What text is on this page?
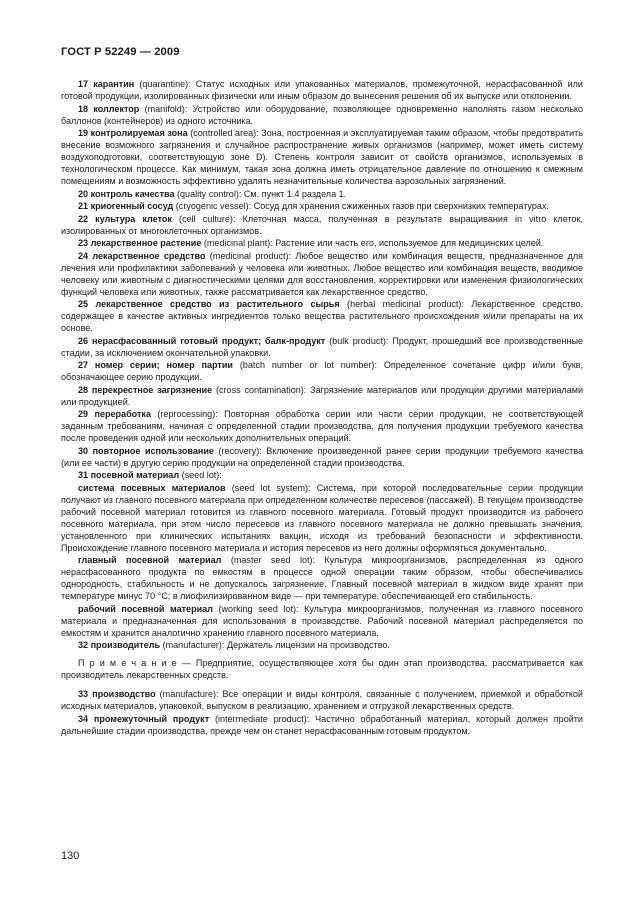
ГОСТ Р 52249 — 2009

17 карантин (quarantine): Статус исходных или упакованных материалов, промежуточной, нерасфасованной или готовой продукции, изолированных физически или иным образом до вынесения решения об их выпуске или отклонении.

18 коллектор (manifold): Устройство или оборудование, позволяющее одновременно наполнять газом несколько баллонов (контейнеров) из одного источника.

19 контролируемая зона (controlled area): Зона, построенная и эксплуатируемая таким образом, чтобы предотвратить внесение возможного загрязнения и случайное распространение живых организмов (например, может иметь систему воздухоподготовки, соответствующую зоне D). Степень контроля зависит от свойств организмов, используемых в технологическом процессе. Как минимум, такая зона должна иметь отрицательное давление по отношению к смежным помещениям и возможность эффективно удалять незначительные количества аэрозольных загрязнений.

20 контроль качества (quality control): См. пункт 1.4 раздела 1.

21 криогенный сосуд (cryogenic vessel): Сосуд для хранения сжиженных газов при сверхнизких температурах.

22 культура клеток (cell culture): Клеточная масса, полученная в результате выращивания in vitro клеток, изолированных от многоклеточных организмов.

23 лекарственное растение (medicinal plant): Растение или часть его, используемое для медицинских целей.

24 лекарственное средство (medicinal product): Любое вещество или комбинация веществ, предназначенное для лечения или профилактики заболеваний у человека или животных. Любое вещество или комбинация веществ, вводимое человеку или животным с диагностическими целями для восстановления, корректировки или изменения физиологических функций человека или животных, также рассматривается как лекарственное средство.

25 лекарственное средство из растительного сырья (herbal medicinal product): Лекарственное средство, содержащее в качестве активных ингредиентов только вещества растительного происхождения и/или препараты на их основе.

26 нерасфасованный готовый продукт; балк-продукт (bulk product): Продукт, прошедший все производственные стадии, за исключением окончательной упаковки.

27 номер серии; номер партии (batch number or lot number): Определенное сочетание цифр и/или букв, обозначающее серию продукции.

28 перекрестное загрязнение (cross contamination): Загрязнение материалов или продукции другими материалами или продукцией.

29 переработка (reprocessing): Повторная обработка серии или части серии продукции, не соответствующей заданным требованиям, начиная с определенной стадии производства, для получения продукции требуемого качества после проведения одной или нескольких дополнительных операций.

30 повторное использование (recovery): Включение произведенной ранее серии продукции требуемого качества (или ее части) в другую серию продукции на определенной стадии производства.

31 посевной материал (seed lot):

система посевных материалов (seed lot system): Система, при которой последовательные серии продукции получают из главного посевного материала при определенном количестве пересевов (пассажей). В текущем производстве рабочий посевной материал готовится из главного посевного материала. Готовый продукт производится из рабочего посевного материала, при этом число пересевов из главного посевного материала не должно превышать значения, установленного при клинических испытаниях вакцин, исходя из требований безопасности и эффективности. Происхождение главного посевного материала и история пересевов из него должны оформляться документально.

главный посевной материал (master seed lot): Культура микроорганизмов, распределенная из одного нерасфасованного продукта по емкостям в процессе одной операции таким образом, чтобы обеспечивались однородность, стабильность и не допускалось загрязнение. Главный посевной материал в жидком виде хранят при температуре минус 70 °С; в лиофилизированном виде — при температуре, обеспечивающей его стабильность.

рабочий посевной материал (working seed lot): Культура микроорганизмов, полученная из главного посевного материала и предназначенная для использования в производстве. Рабочий посевной материал распределяется по емкостям и хранится аналогично хранению главного посевного материала.

32 производитель (manufacturer): Держатель лицензии на производство.

П р и м е ч а н и е — Предприятие, осуществляющее хотя бы один этап производства, рассматривается как производитель лекарственных средств.

33 производство (manufacture): Все операции и виды контроля, связанные с получением, приемкой и обработкой исходных материалов, упаковкой, выпуском в реализацию, хранением и отгрузкой лекарственных средств.

34 промежуточный продукт (intermediate product): Частично обработанный материал, который должен пройти дальнейшие стадии производства, прежде чем он станет нерасфасованным готовым продуктом.

130
